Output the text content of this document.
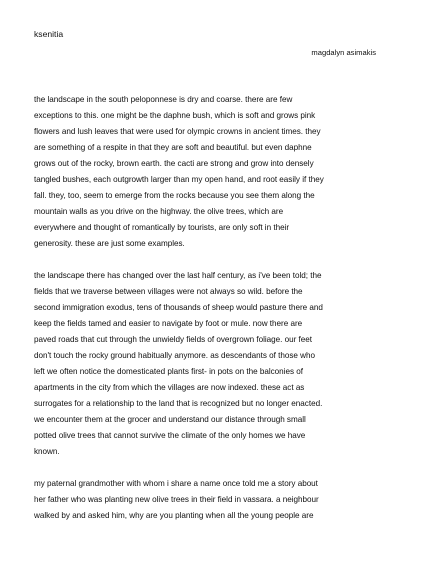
ksenitia
magdalyn asimakis
the landscape in the south peloponnese is dry and coarse. there are few
exceptions to this. one might be the daphne bush, which is soft and grows pink
flowers and lush leaves that were used for olympic crowns in ancient times. they
are something of a respite in that they are soft and beautiful. but even daphne
grows out of the rocky, brown earth. the cacti are strong and grow into densely
tangled bushes, each outgrowth larger than my open hand, and root easily if they
fall. they, too, seem to emerge from the rocks because you see them along the
mountain walls as you drive on the highway. the olive trees, which are
everywhere and thought of romantically by tourists, are only soft in their
generosity. these are just some examples.
the landscape there has changed over the last half century, as i've been told; the
fields that we traverse between villages were not always so wild. before the
second immigration exodus, tens of thousands of sheep would pasture there and
keep the fields tamed and easier to navigate by foot or mule. now there are
paved roads that cut through the unwieldy fields of overgrown foliage. our feet
don't touch the rocky ground habitually anymore. as descendants of those who
left we often notice the domesticated plants first- in pots on the balconies of
apartments in the city from which the villages are now indexed. these act as
surrogates for a relationship to the land that is recognized but no longer enacted.
we encounter them at the grocer and understand our distance through small
potted olive trees that cannot survive the climate of the only homes we have
known.
my paternal grandmother with whom i share a name once told me a story about
her father who was planting new olive trees in their field in vassara. a neighbour
walked by and asked him, why are you planting when all the young people are
